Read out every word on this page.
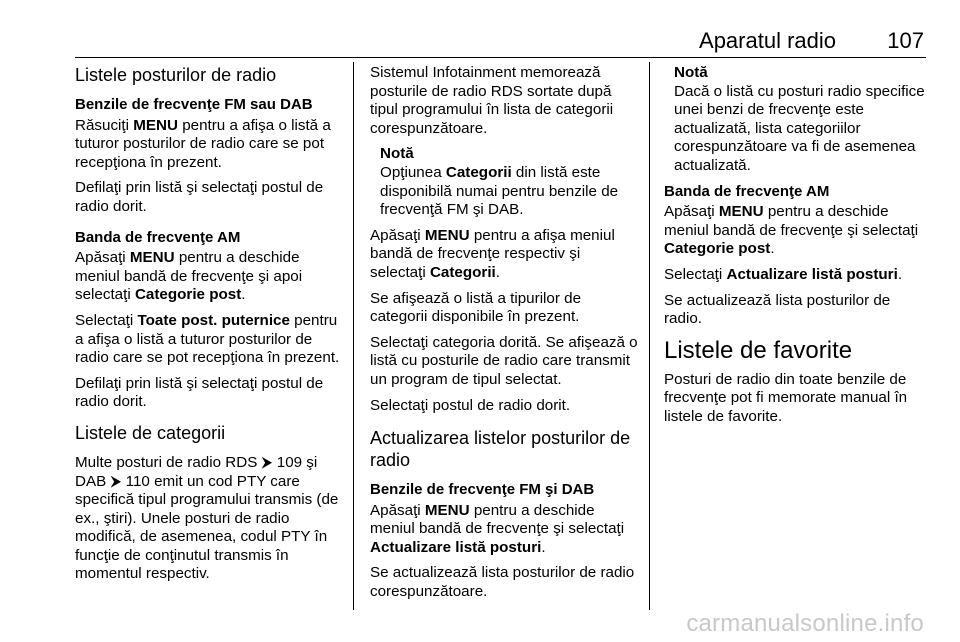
Aparatul radio 107
Listele posturilor de radio
Benzile de frecvenţe FM sau DAB

Răsuciţi MENU pentru a afişa o listă a tuturor posturilor de radio care se pot recepţiona în prezent.

Defilaţi prin listă şi selectaţi postul de radio dorit.

Banda de frecvenţe AM

Apăsaţi MENU pentru a deschide meniul bandă de frecvenţe şi apoi selectaţi Categorie post.

Selectaţi Toate post. puternice pentru a afişa o listă a tuturor posturilor de radio care se pot recepţiona în prezent.

Defilaţi prin listă şi selectaţi postul de radio dorit.

Listele de categorii

Multe posturi de radio RDS ⮞ 109 şi DAB ⮞ 110 emit un cod PTY care specifică tipul programului transmis (de ex., ştiri). Unele posturi de radio modifică, de asemenea, codul PTY în funcţie de conţinutul transmis în momentul respectiv.

Sistemul Infotainment memorează posturile de radio RDS sortate după tipul programului în lista de categorii corespunzătoare.

Notă
Opţiunea Categorii din listă este disponibilă numai pentru benzile de frecvenţă FM şi DAB.

Apăsaţi MENU pentru a afişa meniul bandă de frecvenţe respectiv şi selectaţi Categorii.

Se afişează o listă a tipurilor de categorii disponibile în prezent.

Selectaţi categoria dorită. Se afişează o listă cu posturile de radio care transmit un program de tipul selectat.

Selectaţi postul de radio dorit.

Actualizarea listelor posturilor de radio
Benzile de frecvenţe FM şi DAB

Apăsaţi MENU pentru a deschide meniul bandă de frecvenţe şi selectaţi Actualizare listă posturi.

Se actualizează lista posturilor de radio corespunzătoare.

Notă
Dacă o listă cu posturi radio specifice unei benzi de frecvenţe este actualizată, lista categoriilor corespunzătoare va fi de asemenea actualizată.
Banda de frecvenţe AM

Apăsaţi MENU pentru a deschide meniul bandă de frecvenţe şi selectaţi Categorie post.

Selectaţi Actualizare listă posturi.

Se actualizează lista posturilor de radio.

Listele de favorite

Posturi de radio din toate benzile de frecvenţe pot fi memorate manual în listele de favorite.

carmanualsonline.info
